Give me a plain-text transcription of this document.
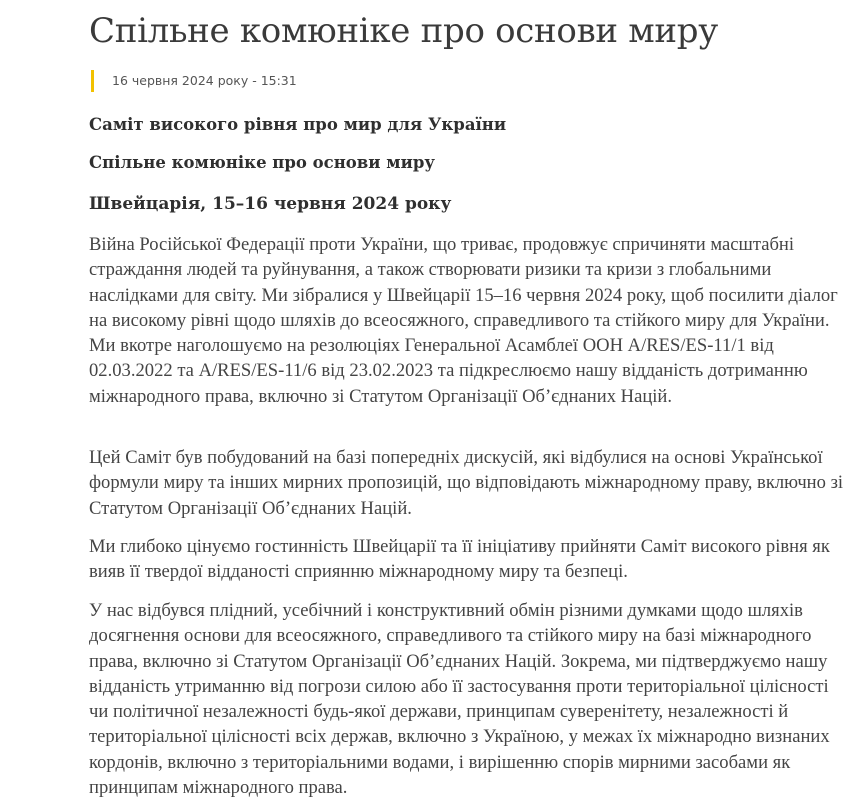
Спільне комюніке про основи миру
16 червня 2024 року - 15:31
Саміт високого рівня про мир для України
Спільне комюніке про основи миру
Швейцарія, 15–16 червня 2024 року

Війна Російської Федерації проти України, що триває, продовжує спричиняти масштабні страждання людей та руйнування, а також створювати ризики та кризи з глобальними наслідками для світу. Ми зібралися у Швейцарії 15–16 червня 2024 року, щоб посилити діалог на високому рівні щодо шляхів до всеосяжного, справедливого та стійкого миру для України. Ми вкотре наголошуємо на резолюціях Генеральної Асамблеї ООН A/RES/ES-11/1 від 02.03.2022 та A/RES/ES-11/6 від 23.02.2023 та підкреслюємо нашу відданість дотриманню міжнародного права, включно зі Статутом Організації Об’єднаних Націй.

Цей Саміт був побудований на базі попередніх дискусій, які відбулися на основі Української формули миру та інших мирних пропозицій, що відповідають міжнародному праву, включно зі Статутом Організації Об’єднаних Націй.

Ми глибоко цінуємо гостинність Швейцарії та її ініціативу прийняти Саміт високого рівня як вияв її твердої відданості сприянню міжнародному миру та безпеці.

У нас відбувся плідний, усебічний і конструктивний обмін різними думками щодо шляхів досягнення основи для всеосяжного, справедливого та стійкого миру на базі міжнародного права, включно зі Статутом Організації Об’єднаних Націй. Зокрема, ми підтверджуємо нашу відданість утриманню від погрози силою або її застосування проти територіальної цілісності чи політичної незалежності будь-якої держави, принципам суверенітету, незалежності й територіальної цілісності всіх держав, включно з Україною, у межах їх міжнародно визнаних кордонів, включно з територіальними водами, і вирішенню спорів мирними засобами як принципам міжнародного права.
